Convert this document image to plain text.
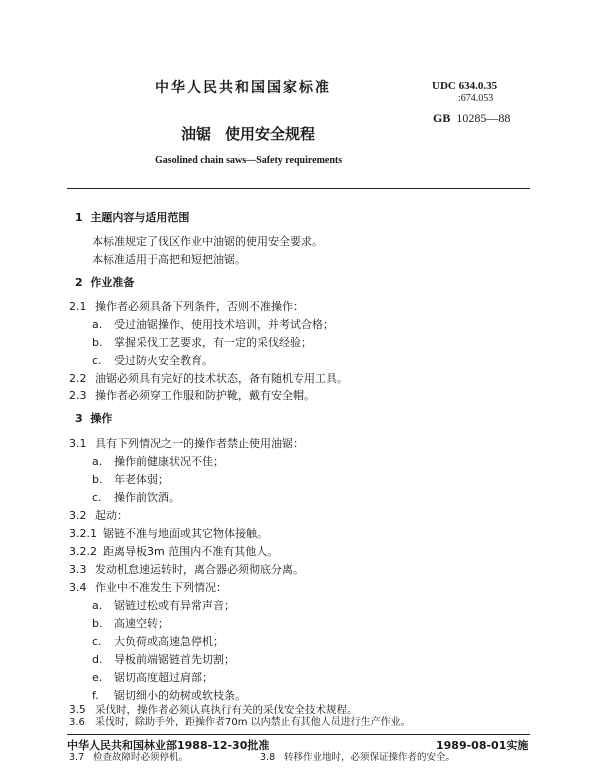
中华人民共和国国家标准	UDC 634.0.35
:674.053
GB 10285—88
油锯 使用安全规程
Gasolined chain saws—Safety requirements
1 主题内容与适用范围
本标准规定了伐区作业中油锯的使用安全要求。
本标准适用于高把和短把油锯。
2 作业准备
2.1 操作者必须具备下列条件，否则不准操作：
a. 受过油锯操作、使用技术培训，并考试合格；
b. 掌握采伐工艺要求，有一定的采伐经验；
c. 受过防火安全教育。
2.2 油锯必须具有完好的技术状态，备有随机专用工具。
2.3 操作者必须穿工作服和防护靴，戴有安全帽。
3 操作
3.1 具有下列情况之一的操作者禁止使用油锯：
a. 操作前健康状况不佳；
b. 年老体弱；
c. 操作前饮酒。
3.2 起动：
3.2.1 锯链不准与地面或其它物体接触。
3.2.2 距离导板3m 范围内不准有其他人。
3.3 发动机怠速运转时，离合器必须彻底分离。
3.4 作业中不准发生下列情况：
a. 锯链过松或有异常声音；
b. 高速空转；
c. 大负荷或高速急停机；
d. 导板前端锯链首先切割；
e. 锯切高度超过肩部；
f. 锯切细小的幼树或软枝条。
3.5 采伐时，操作者必须认真执行有关的采伐安全技术规程。
3.6 采伐时，除助手外，距操作者70m 以内禁止有其他人员进行生产作业。
中华人民共和国林业部1988-12-30批准	1989-08-01实施
3.7 检查故障时必须停机。	3.8 转移作业地时，必须保证操作者的安全。
